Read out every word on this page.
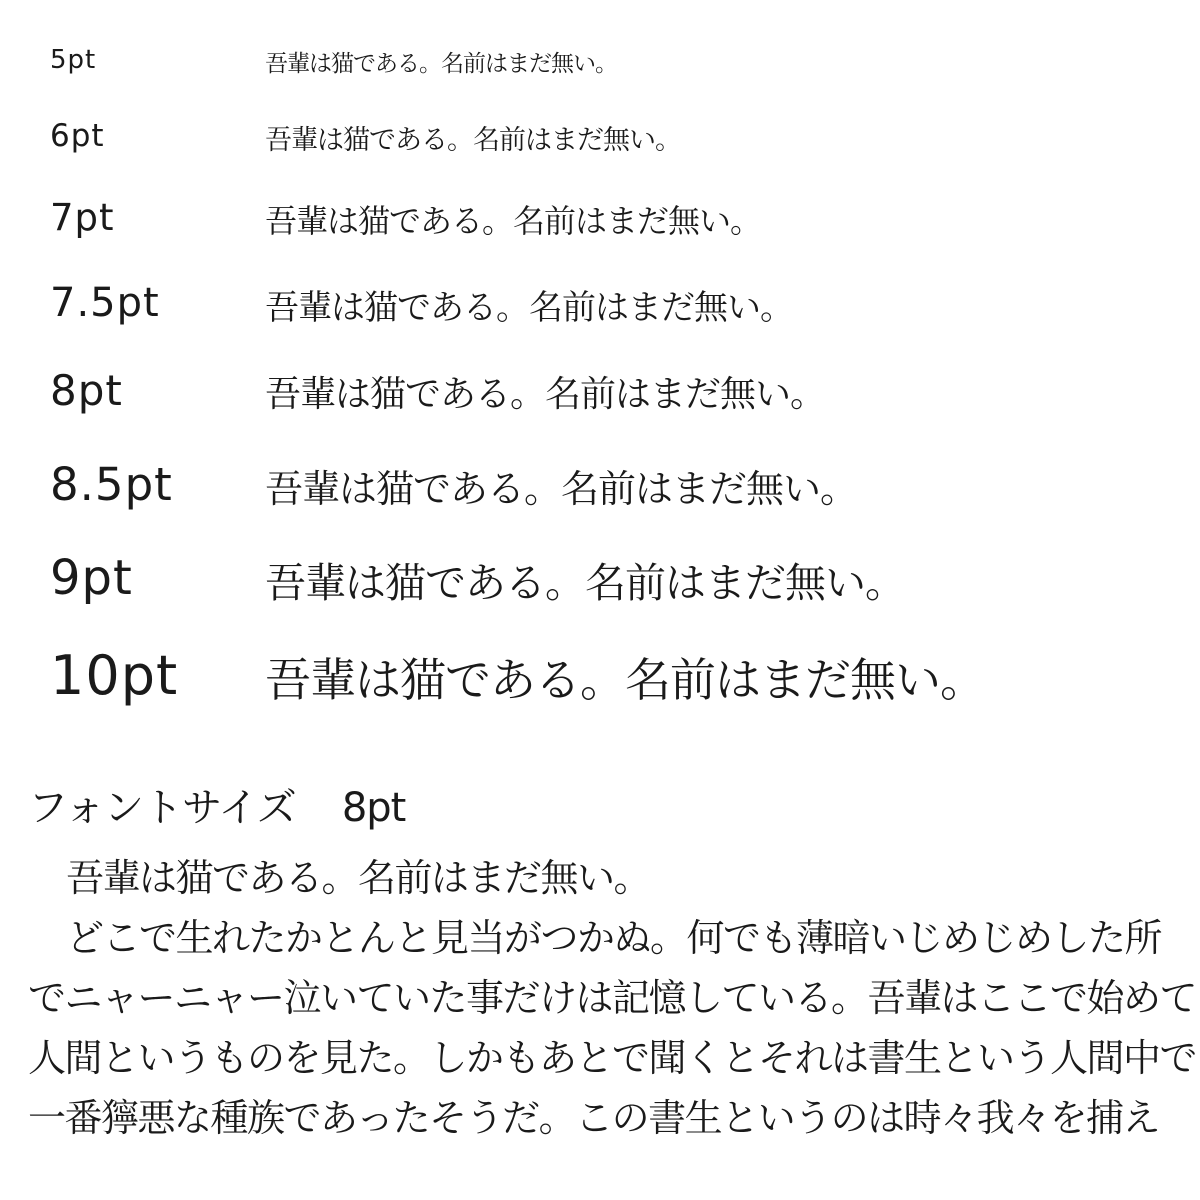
5pt	吾輩は猫である。名前はまだ無い。
6pt	吾輩は猫である。名前はまだ無い。
7pt	吾輩は猫である。名前はまだ無い。
7.5pt	吾輩は猫である。名前はまだ無い。
8pt	吾輩は猫である。名前はまだ無い。
8.5pt 吾輩は猫である。名前はまだ無い。
9pt	吾輩は猫である。名前はまだ無い。
10pt 吾輩は猫である。名前はまだ無い。
フォントサイズ 8pt

吾輩は猫である。名前はまだ無い。

どこで生れたかとんと見当がつかぬ。何でも薄暗いじめじめした所

でニャーニャー泣いていた事だけは記憶している。吾輩はここで始めて

人間というものを見た。しかもあとで聞くとそれは書生という人間中で

一番獰悪な種族であったそうだ。この書生というのは時々我々を捕え
